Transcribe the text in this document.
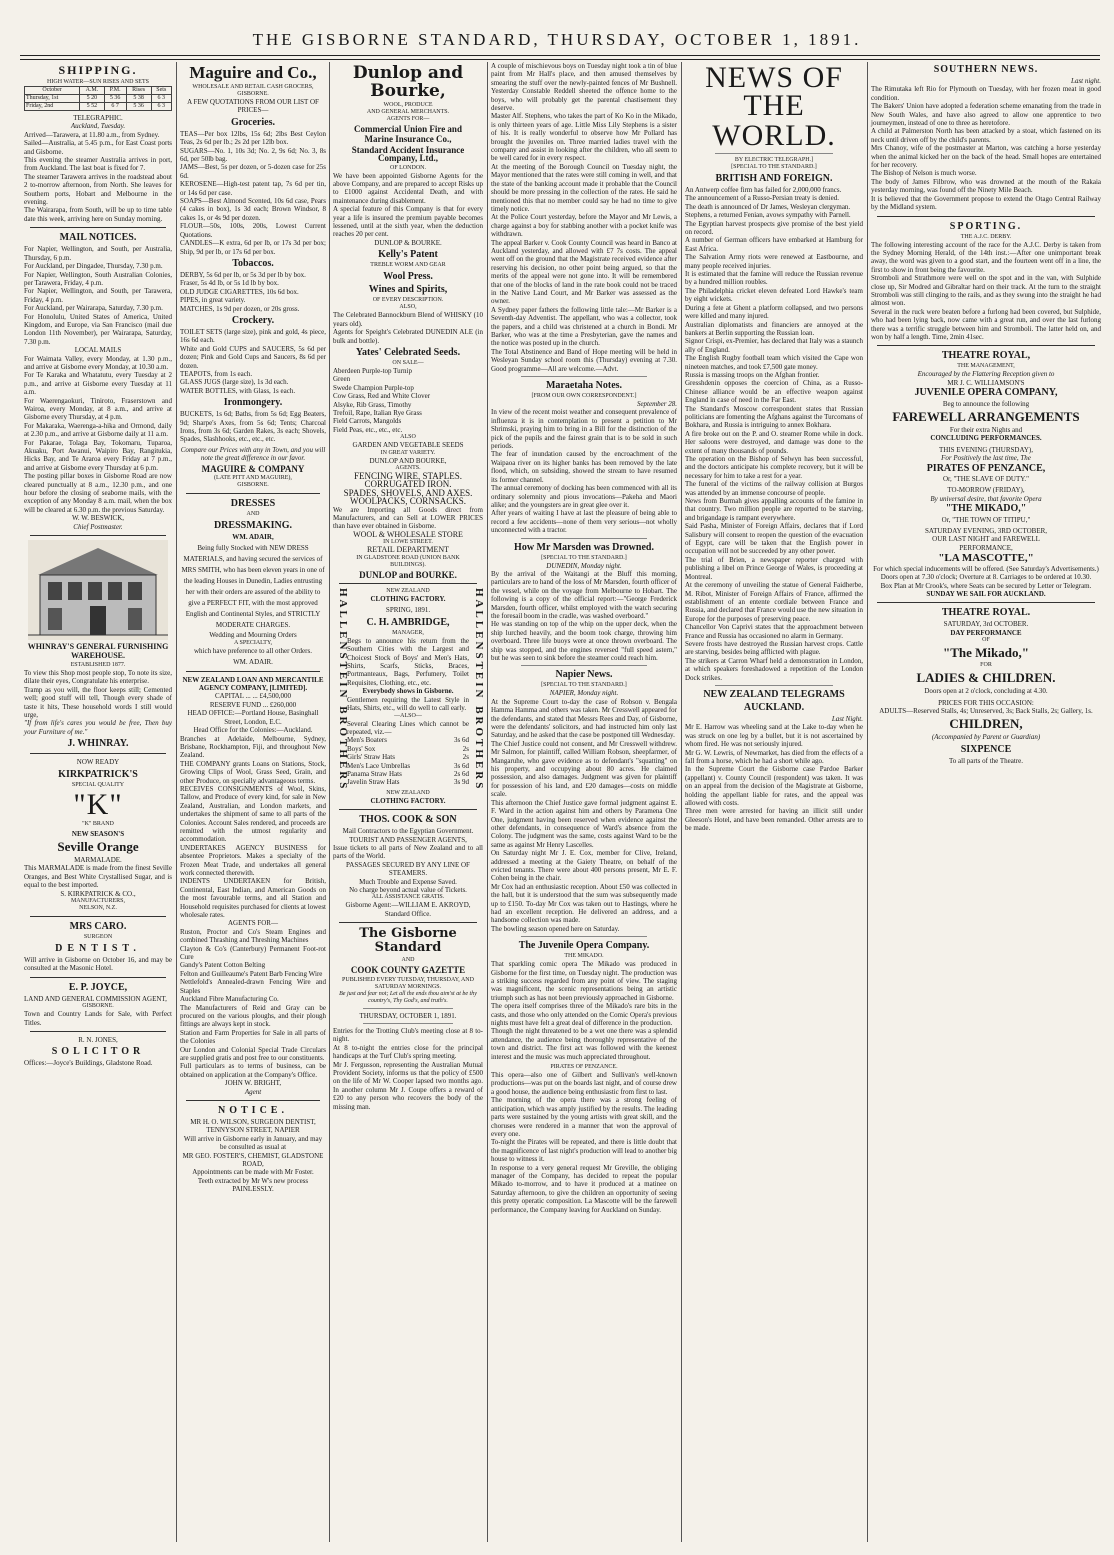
THE GISBORNE STANDARD, THURSDAY, OCTOBER 1, 1891.
SHIPPING.
HIGH WATER—SUN RISES AND SETS
October	A.M.	P.M.	Rises	Sets
Thursday, 1st	5 20	5 36	5 38	6 3
Friday, 2nd	5 52	6 7	5 36	6 3
TELEGRAPHIC.
Auckland, Tuesday.
Arrived—Tarawera, at 11.80 a.m., from Sydney.
Sailed—Australia, at 5.45 p.m., for East Coast ports and Gisborne.
This evening the steamer Australia arrives in port, from Auckland. The last boat is fixed for 7.
The steamer Tarawera arrives in the roadstead about 2 to-morrow afternoon, from North. She leaves for Southern ports, Hobart and Melbourne in the evening.
The Wairarapa, from South, will be up to time table date this week, arriving here on Sunday morning.
MAIL NOTICES.
For Napier, Wellington, and South, per Australia, Thursday, 6 p.m.
For Auckland, per Dingadee, Thursday, 7.30 p.m.
For Napier, Wellington, South Australian Colonies, per Tarawera, Friday, 4 p.m.
For Napier, Wellington, and South, per Tarawera, Friday, 4 p.m.
For Auckland, per Wairarapa, Saturday, 7.30 p.m.
For Honolulu, United States of America, United Kingdom, and Europe, via San Francisco (mail due London 11th November), per Wairarapa, Saturday, 7.30 p.m.
LOCAL MAILS
For Waimata Valley, every Monday, at 1.30 p.m., and arrive at Gisborne every Monday, at 10.30 a.m.
For Te Karaka and Whatatutu, every Tuesday at 2 p.m., and arrive at Gisborne every Tuesday at 11 a.m.
For Waerengaokuri, Tiniroto, Fraserstown and Wairoa, every Monday, at 8 a.m., and arrive at Gisborne every Thursday, at 4 p.m.
For Makaraka, Waerenga-a-hika and Ormond, daily at 2.30 p.m., and arrive at Gisborne daily at 11 a.m.
For Pakarae, Tolaga Bay, Tokomaru, Tuparoa, Akuaku, Port Awanui, Waipiro Bay, Rangitukia, Hicks Bay, and Te Araroa every Friday at 7 p.m., and arrive at Gisborne every Thursday at 6 p.m.
The posting pillar boxes in Gisborne Road are now cleared punctually at 8 a.m., 12.30 p.m., and one hour before the closing of seaborne mails, with the exception of any Monday 8 a.m. mail, when the box will be cleared at 6.30 p.m. the previous Saturday.
W. W. BESWICK,
Chief Postmaster.
WHINRAY'S GENERAL FURNISHING WAREHOUSE.
ESTABLISHED 1877.
To view this Shop most people stop, To note its size, dilate their eyes, Congratulate his enterprise.
Tramp as you will, the floor keeps still; Cemented well; good stuff will tell, Though every shade of taste it hits, These household words I still would urge,
"If from life's cares you would be free, Then buy your Furniture of me."
J. WHINRAY.
NOW READY
KIRKPATRICK'S
SPECIAL QUALITY
"K"
"K" BRAND
NEW SEASON'S
Seville Orange
MARMALADE.
This MARMALADE is made from the finest Seville Oranges, and Best White Crystallised Sugar, and is equal to the best imported.
S. KIRKPATRICK & CO.,
MANUFACTURERS,
NELSON, N.Z.
MRS CARO.
SURGEON
DENTIST.
Will arrive in Gisborne on October 16, and may be consulted at the Masonic Hotel.
E. P. JOYCE,
LAND AND GENERAL COMMISSION AGENT,
GISBORNE.
Town and Country Lands for Sale, with Perfect Titles.
R. N. JONES,
SOLICITOR
Offices:—Joyce's Buildings, Gladstone Road.
Maguire and Co.,
WHOLESALE AND RETAIL CASH GROCERS,
GISBORNE.
A FEW QUOTATIONS FROM OUR LIST OF PRICES—
Groceries.
TEAS—Per box 12lbs, 15s 6d; 2lbs Best Ceylon Teas, 2s 6d per lb.; 2s 2d per 12lb box.
SUGARS—No. 1, 10s 3d; No. 2, 9s 6d; No. 3, 8s 6d, per 50lb bag.
JAMS—Best, 5s per dozen, or 5-dozen case for 25s 6d.
KEROSENE—High-test patent tap, 7s 6d per tin, or 14s 6d per case.
SOAPS—Best Almond Scented, 10s 6d case, Pears (4 cakes in box), 1s 3d each; Brown Windsor, 8 cakes 1s, or 4s 9d per dozen.
FLOUR—50s, 100s, 200s, Lowest Current Quotations.
CANDLES—K extra, 6d per lb, or 17s 3d per box; Ship, 9d per lb, or 17s 6d per box.
Tobaccos.
DERBY, 5s 6d per lb, or 5s 3d per lb by box.
Fraser, 5s 4d lb, or 5s 1d lb by box.
OLD JUDGE CIGARETTES, 10s 6d box.
PIPES, in great variety.
MATCHES, 1s 9d per dozen, or 20s gross.
Crockery.
TOILET SETS (large size), pink and gold, 4s piece, 16s 6d each.
White and Gold CUPS and SAUCERS, 5s 6d per dozen; Pink and Gold Cups and Saucers, 8s 6d per dozen.
TEAPOTS, from 1s each.
GLASS JUGS (large size), 1s 3d each.
WATER BOTTLES, with Glass, 1s each.
Ironmongery.
BUCKETS, 1s 6d; Baths, from 5s 6d; Egg Beaters, 9d; Sharpe's Axes, from 5s 6d; Tents; Charcoal Irons, from 3s 6d; Garden Rakes, 3s each; Shovels, Spades, Slashhooks, etc., etc., etc.
Compare our Prices with any in Town, and you will note the great difference in our favor.
MAGUIRE & COMPANY
(LATE PITT AND MAGUIRE),
GISBORNE.
DRESSES
AND
DRESSMAKING.
WM. ADAIR,
Being fully Stocked with NEW DRESS MATERIALS, and having secured the services of MRS SMITH, who has been eleven years in one of the leading Houses in Dunedin, Ladies entrusting her with their orders are assured of the ability to give a PERFECT FIT, with the most approved English and Continental Styles, and STRICTLY MODERATE CHARGES.
Wedding and Mourning Orders
A SPECIALTY,
which have preference to all other Orders.
WM. ADAIR.
NEW ZEALAND LOAN AND MERCANTILE AGENCY COMPANY, [LIMITED].
CAPITAL ... ... £4,500,000
RESERVE FUND ... £260,000
HEAD OFFICE:—Portland House, Basinghall Street, London, E.C.
Head Office for the Colonies:—Auckland.
Branches at Adelaide, Melbourne, Sydney, Brisbane, Rockhampton, Fiji, and throughout New Zealand.
THE COMPANY grants Loans on Stations, Stock, Growing Clips of Wool, Grass Seed, Grain, and other Produce, on specially advantageous terms.
RECEIVES CONSIGNMENTS of Wool, Skins, Tallow, and Produce of every kind, for sale in New Zealand, Australian, and London markets, and undertakes the shipment of same to all parts of the Colonies. Account Sales rendered, and proceeds are remitted with the utmost regularity and accommodation.
UNDERTAKES AGENCY BUSINESS for absentee Proprietors. Makes a specialty of the Frozen Meat Trade, and undertakes all general work connected therewith.
INDENTS UNDERTAKEN for British, Continental, East Indian, and American Goods on the most favourable terms, and all Station and Household requisites purchased for clients at lowest wholesale rates.
AGENTS FOR—
Ruston, Proctor and Co's Steam Engines and combined Thrashing and Threshing Machines
Clayton & Co's (Canterbury) Permanent Foot-rot Cure
Gandy's Patent Cotton Belting
Felton and Guilleaume's Patent Barb Fencing Wire
Nettlefold's Annealed-drawn Fencing Wire and Staples
Auckland Fibre Manufacturing Co.
The Manufacturers of Reid and Gray can be procured on the various ploughs, and their plough fittings are always kept in stock.
Station and Farm Properties for Sale in all parts of the Colonies
Our London and Colonial Special Trade Circulars are supplied gratis and post free to our constituents.
Full particulars as to terms of business, can be obtained on application at the Company's Office.
JOHN W. BRIGHT,
Agent
NOTICE.
MR H. O. WILSON, SURGEON DENTIST, TENNYSON STREET, NAPIER
Will arrive in Gisborne early in January, and may be consulted as usual at
MR GEO. FOSTER'S, CHEMIST, GLADSTONE ROAD,
Appointments can be made with Mr Foster.
Teeth extracted by Mr W's new process PAINLESSLY.
Dunlop and Bourke,
WOOL, PRODUCE
AND GENERAL MERCHANTS.
AGENTS FOR—
Commercial Union Fire and
Marine Insurance Co.,
Standard Accident Insurance Company, Ltd.,
OF LONDON.
We have been appointed Gisborne Agents for the above Company, and are prepared to accept Risks up to £1000 against Accidental Death, and with maintenance during disablement.
A special feature of this Company is that for every year a life is insured the premium payable becomes lessened, until at the sixth year, when the deduction reaches 20 per cent.
DUNLOP & BOURKE.
Kelly's Patent
TREBLE WORM AND GEAR
Wool Press.
Wines and Spirits,
OF EVERY DESCRIPTION.
ALSO,
The Celebrated Bannockburn Blend of WHISKY (10 years old).
Agents for Speight's Celebrated DUNEDIN ALE (in bulk and bottle).
Yates' Celebrated Seeds.
ON SALE—
Aberdeen Purple-top Turnip
Green
Swede Champion Purple-top
Cow Grass, Red and White Clover
Alsyke, Rib Grass, Timothy
Trefoil, Rape, Italian Rye Grass
Field Carrots, Mangolds
Field Peas, etc., etc., etc.
ALSO
GARDEN AND VEGETABLE SEEDS
IN GREAT VARIETY.
DUNLOP AND BOURKE,
AGENTS.
FENCING WIRE, STAPLES.
CORRUGATED IRON.
SPADES, SHOVELS, AND AXES.
WOOLPACKS, CORNSACKS.
We are Importing all Goods direct from Manufacturers, and can Sell at LOWER PRICES than have ever obtained in Gisborne.
WOOL & WHOLESALE STORE
IN LOWE STREET.
RETAIL DEPARTMENT
IN GLADSTONE ROAD (UNION BANK
BUILDINGS).
DUNLOP and BOURKE.
HALLENSTEIN BROTHERS	HALLENSTEIN BROTHERS
NEW ZEALAND
CLOTHING FACTORY.
SPRING, 1891.
C. H. AMBRIDGE,
MANAGER,
Begs to announce his return from the Southern Cities with the Largest and Choicest Stock of Boys' and Men's Hats, Shirts, Scarfs, Sticks, Braces, Portmanteaux, Bags, Perfumery, Toilet Requisites, Clothing, etc., etc.
Everybody shows in Gisborne.
Gentlemen requiring the Latest Style in Hats, Shirts, etc., will do well to call early.
—ALSO—
Several Clearing Lines which cannot be repeated, viz.—
Men's Boaters	3s 6d
Boys' Sox	2s
Girls' Straw Hats	2s
Men's Lace Umbrellas	3s 6d
Panama Straw Hats	2s 6d
Javelin Straw Hats	3s 9d
NEW ZEALAND
CLOTHING FACTORY.
THOS. COOK & SON
Mail Contractors to the Egyptian Government.
TOURIST AND PASSENGER AGENTS,
Issue tickets to all parts of New Zealand and to all parts of the World.
PASSAGES SECURED BY ANY LINE OF STEAMERS.
Much Trouble and Expense Saved.
No charge beyond actual value of Tickets.
ALL ASSISTANCE GRATIS.
Gisborne Agent:—WILLIAM E. AKROYD, Standard Office.
The Gisborne Standard
AND
COOK COUNTY GAZETTE
PUBLISHED EVERY TUESDAY, THURSDAY, AND SATURDAY MORNINGS.
Be just and fear not; Let all the ends thou aim'st at be thy country's, Thy God's, and truth's.
THURSDAY, OCTOBER 1, 1891.
Entries for the Trotting Club's meeting close at 8 to-night.
At 8 to-night the entries close for the principal handicaps at the Turf Club's spring meeting.
Mr J. Fergusson, representing the Australian Mutual Provident Society, informs us that the policy of £500 on the life of Mr W. Cooper lapsed two months ago. In another column Mr J. Coupe offers a reward of £20 to any person who recovers the body of the missing man.
A couple of mischievous boys on Tuesday night took a tin of blue paint from Mr Hall's place, and then amused themselves by smearing the stuff over the newly-painted fences of Mr Bushnell. Yesterday Constable Reddell sheeted the offence home to the boys, who will probably get the parental chastisement they deserve.
Master Alf. Stephens, who takes the part of Ko Ko in the Mikado, is only thirteen years of age. Little Miss Lily Stephens is a sister of his. It is really wonderful to observe how Mr Pollard has brought the juveniles on. Three married ladies travel with the company and assist in looking after the children, who all seem to be well cared for in every respect.
At the meeting of the Borough Council on Tuesday night, the Mayor mentioned that the rates were still coming in well, and that the state of the banking account made it probable that the Council should be more pressing in the collection of the rates. He said he mentioned this that no member could say he had no time to give timely notice.
At the Police Court yesterday, before the Mayor and Mr Lewis, a charge against a boy for stabbing another with a pocket knife was withdrawn.
The appeal Barker v. Cook County Council was heard in Banco at Auckland yesterday, and allowed with £7 7s costs. The appeal went off on the ground that the Magistrate received evidence after reserving his decision, no other point being argued, so that the merits of the appeal were not gone into. It will be remembered that one of the blocks of land in the rate book could not be traced in the Native Land Court, and Mr Barker was assessed as the owner.
A Sydney paper fathers the following little tale:—Mr Barker is a Seventh-day Adventist. The appellant, who was a collector, took the papers, and a child was christened at a church in Bondi. Mr Barker, who was at the time a Presbyterian, gave the names and the notice was posted up in the church.
The Total Abstinence and Band of Hope meeting will be held in Wesleyan Sunday school room this (Thursday) evening at 7.30. Good programme—All are welcome.—Advt.
Maraetaha Notes.
[FROM OUR OWN CORRESPONDENT.]
September 28.
In view of the recent moist weather and consequent prevalence of influenza it is in contemplation to present a petition to Mr Shrimski, praying him to bring in a Bill for the distinction of the pick of the pupils and the fairest grain that is to be sold in such periods.
The fear of inundation caused by the encroachment of the Waipaoa river on its higher banks has been removed by the late flood, which, on subsiding, showed the stream to have resumed its former channel.
The annual ceremony of docking has been commenced with all its ordinary solemnity and pious invocations—Pakeha and Maori alike; and the youngsters are in great glee over it.
After years of waiting I have at last the pleasure of being able to record a few accidents—none of them very serious—not wholly unconnected with a tractor.
How Mr Marsden was Drowned.
[SPECIAL TO THE STANDARD.]
DUNEDIN, Monday night.
By the arrival of the Waitangi at the Bluff this morning, particulars are to hand of the loss of Mr Marsden, fourth officer of the vessel, while on the voyage from Melbourne to Hobart. The following is a copy of the official report:—"George Frederick Marsden, fourth officer, whilst employed with the watch securing the foresail boom in the cradle, was washed overboard."
He was standing on top of the whip on the upper deck, when the ship lurched heavily, and the boom took charge, throwing him overboard. Three life buoys were at once thrown overboard. The ship was stopped, and the engines reversed "full speed astern," but he was seen to sink before the steamer could reach him.
Napier News.
[SPECIAL TO THE STANDARD.]
NAPIER, Monday night.
At the Supreme Court to-day the case of Robson v. Bengala Hamma Hamma and others was taken. Mr Cresswell appeared for the defendants, and stated that Messrs Rees and Day, of Gisborne, were the defendants' solicitors, and had instructed him only last Saturday, and he asked that the case be postponed till Wednesday.
The Chief Justice could not consent, and Mr Cresswell withdrew. Mr Salmon, for plaintiff, called William Robson, sheepfarmer, of Mangaruhe, who gave evidence as to defendant's "squatting" on his property, and occupying about 80 acres. He claimed possession, and also damages. Judgment was given for plaintiff for possession of his land, and £20 damages—costs on middle scale.
This afternoon the Chief Justice gave formal judgment against E. F. Ward in the action against him and others by Paramena One One, judgment having been reserved when evidence against the other defendants, in consequence of Ward's absence from the Colony. The judgment was the same, costs against Ward to be the same as against Mr Henry Lascelles.
On Saturday night Mr J. E. Cox, member for Clive, Ireland, addressed a meeting at the Gaiety Theatre, on behalf of the evicted tenants. There were about 400 persons present, Mr E. F. Cohen being in the chair.
Mr Cox had an enthusiastic reception. About £50 was collected in the hall, but it is understood that the sum was subsequently made up to £150. To-day Mr Cox was taken out to Hastings, where he had an excellent reception. He delivered an address, and a handsome collection was made.
The bowling season opened here on Saturday.
The Juvenile Opera Company.
THE MIKADO.
That sparkling comic opera The Mikado was produced in Gisborne for the first time, on Tuesday night. The production was a striking success regarded from any point of view. The staging was magnificent, the scenic representations being an artistic triumph such as has not been previously approached in Gisborne.
The opera itself comprises three of the Mikado's rare bits in the casts, and those who only attended on the Comic Opera's previous nights must have felt a great deal of difference in the production.
Though the night threatened to be a wet one there was a splendid attendance, the audience being thoroughly representative of the town and district. The first act was followed with the keenest interest and the music was much appreciated throughout.
PIRATES OF PENZANCE.
This opera—also one of Gilbert and Sullivan's well-known productions—was put on the boards last night, and of course drew a good house, the audience being enthusiastic from first to last.
The morning of the opera there was a strong feeling of anticipation, which was amply justified by the results. The leading parts were sustained by the young artists with great skill, and the choruses were rendered in a manner that won the approval of every one.
To-night the Pirates will be repeated, and there is little doubt that the magnificence of last night's production will lead to another big house to witness it.
In response to a very general request Mr Greville, the obliging manager of the Company, has decided to repeat the popular Mikado to-morrow, and to have it produced at a matinee on Saturday afternoon, to give the children an opportunity of seeing this pretty operatic composition. La Mascotte will be the farewell performance, the Company leaving for Auckland on Sunday.
NEWS OF THE
WORLD.
BY ELECTRIC TELEGRAPH.]
[SPECIAL TO THE STANDARD.]
BRITISH AND FOREIGN.
An Antwerp coffee firm has failed for 2,000,000 francs.
The announcement of a Russo-Persian treaty is denied.
The death is announced of Dr James, Wesleyan clergyman.
Stephens, a returned Fenian, avows sympathy with Parnell.
The Egyptian harvest prospects give promise of the best yield on record.
A number of German officers have embarked at Hamburg for East Africa.
The Salvation Army riots were renewed at Eastbourne, and many people received injuries.
It is estimated that the famine will reduce the Russian revenue by a hundred million roubles.
The Philadelphia cricket eleven defeated Lord Hawke's team by eight wickets.
During a fete at Ghent a platform collapsed, and two persons were killed and many injured.
Australian diplomatists and financiers are annoyed at the bankers at Berlin supporting the Russian loan.
Signor Crispi, ex-Premier, has declared that Italy was a staunch ally of England.
The English Rugby football team which visited the Cape won nineteen matches, and took £7,500 gate money.
Russia is massing troops on the Afghan frontier.
Gresshdenin opposes the coercion of China, as a Russo-Chinese alliance would be an effective weapon against England in case of need in the Far East.
The Standard's Moscow correspondent states that Russian politicians are fomenting the Afghans against the Turcomans of Bokhara, and Russia is intriguing to annex Bokhara.
A fire broke out on the P. and O. steamer Rome while in dock. Her saloons were destroyed, and damage was done to the extent of many thousands of pounds.
The operation on the Bishop of Selwyn has been successful, and the doctors anticipate his complete recovery, but it will be necessary for him to take a rest for a year.
The funeral of the victims of the railway collision at Burgos was attended by an immense concourse of people.
News from Burmah gives appalling accounts of the famine in that country. Two million people are reported to be starving, and brigandage is rampant everywhere.
Said Pasha, Minister of Foreign Affairs, declares that if Lord Salisbury will consent to reopen the question of the evacuation of Egypt, care will be taken that the English power in occupation will not be succeeded by any other power.
The trial of Brien, a newspaper reporter charged with publishing a libel on Prince George of Wales, is proceeding at Montreal.
At the ceremony of unveiling the statue of General Faidherbe, M. Ribot, Minister of Foreign Affairs of France, affirmed the establishment of an entente cordiale between France and Russia, and declared that France would use the new situation in Europe for the purposes of preserving peace.
Chancellor Von Caprivi states that the approachment between France and Russia has occasioned no alarm in Germany.
Severe frosts have destroyed the Russian harvest crops. Cattle are starving, besides being afflicted with plague.
The strikers at Carron Wharf held a demonstration in London, at which speakers foreshadowed a repetition of the London Dock strikes.
NEW ZEALAND TELEGRAMS
AUCKLAND.
Last Night.
Mr E. Harrow was wheeling sand at the Lake to-day when he was struck on one leg by a bullet, but it is not ascertained by whom fired. He was not seriously injured.
Mr G. W. Lewris, of Newmarket, has died from the effects of a fall from a horse, which he had a short while ago.
In the Supreme Court the Gisborne case Pardoe Barker (appellant) v. County Council (respondent) was taken. It was on an appeal from the decision of the Magistrate at Gisborne, holding the appellant liable for rates, and the appeal was allowed with costs.
Three men were arrested for having an illicit still under Gleeson's Hotel, and have been remanded. Other arrests are to be made.
SOUTHERN NEWS.
Last night.
The Rimutaka left Rio for Plymouth on Tuesday, with her frozen meat in good condition.
The Bakers' Union have adopted a federation scheme emanating from the trade in New South Wales, and have also agreed to allow one apprentice to two journeymen, instead of one to three as heretofore.
A child at Palmerston North has been attacked by a stoat, which fastened on its neck until driven off by the child's parents.
Mrs Chanoy, wife of the postmaster at Marton, was catching a horse yesterday when the animal kicked her on the back of the head. Small hopes are entertained for her recovery.
The Bishop of Nelson is much worse.
The body of James Filbrow, who was drowned at the mouth of the Rakaia yesterday morning, was found off the Ninety Mile Beach.
It is believed that the Government propose to extend the Otago Central Railway by the Midland system.
SPORTING.
THE A.J.C. DERBY.
The following interesting account of the race for the A.J.C. Derby is taken from the Sydney Morning Herald, of the 14th inst.:—After one unimportant break away, the word was given to a good start, and the fourteen went off in a line, the first to show in front being the favourite.
Stromboli and Strathmore were well on the spot and in the van, with Sulphide close up, Sir Modred and Gibraltar hard on their track. At the turn to the straight Stromboli was still clinging to the rails, and as they swung into the straight he had almost won.
Several in the ruck were beaten before a furlong had been covered, but Sulphide, who had been lying back, now came with a great run, and over the last furlong there was a terrific struggle between him and Stromboli. The latter held on, and won by half a length. Time, 2min 41sec.
THEATRE ROYAL,
THE MANAGEMENT,
Encouraged by the Flattering Reception given to
MR J. C. WILLIAMSON'S
JUVENILE OPERA COMPANY,
Beg to announce the following
FAREWELL ARRANGEMENTS
For their extra Nights and
CONCLUDING PERFORMANCES.
THIS EVENING (THURSDAY),
For Positively the last time, The
PIRATES OF PENZANCE,
Or, "THE SLAVE OF DUTY."
TO-MORROW (FRIDAY),
By universal desire, that favorite Opera
"THE MIKADO,"
Or, "THE TOWN OF TITIPU,"
SATURDAY EVENING, 3RD OCTOBER,
OUR LAST NIGHT and FAREWELL
PERFORMANCE,
"LA MASCOTTE,"
For which special inducements will be offered. (See Saturday's Advertisements.)
Doors open at 7.30 o'clock; Overture at 8. Carriages to be ordered at 10.30.
Box Plan at Mr Crook's, where Seats can be secured by Letter or Telegram.
SUNDAY WE SAIL FOR AUCKLAND.
THEATRE ROYAL.
SATURDAY, 3rd OCTOBER.
DAY PERFORMANCE
OF
"The Mikado,"
FOR
LADIES & CHILDREN.
Doors open at 2 o'clock, concluding at 4.30.
PRICES FOR THIS OCCASION:
ADULTS—Reserved Stalls, 4s; Unreserved, 3s; Back Stalls, 2s; Gallery, 1s.
CHILDREN,
(Accompanied by Parent or Guardian)
SIXPENCE
To all parts of the Theatre.
